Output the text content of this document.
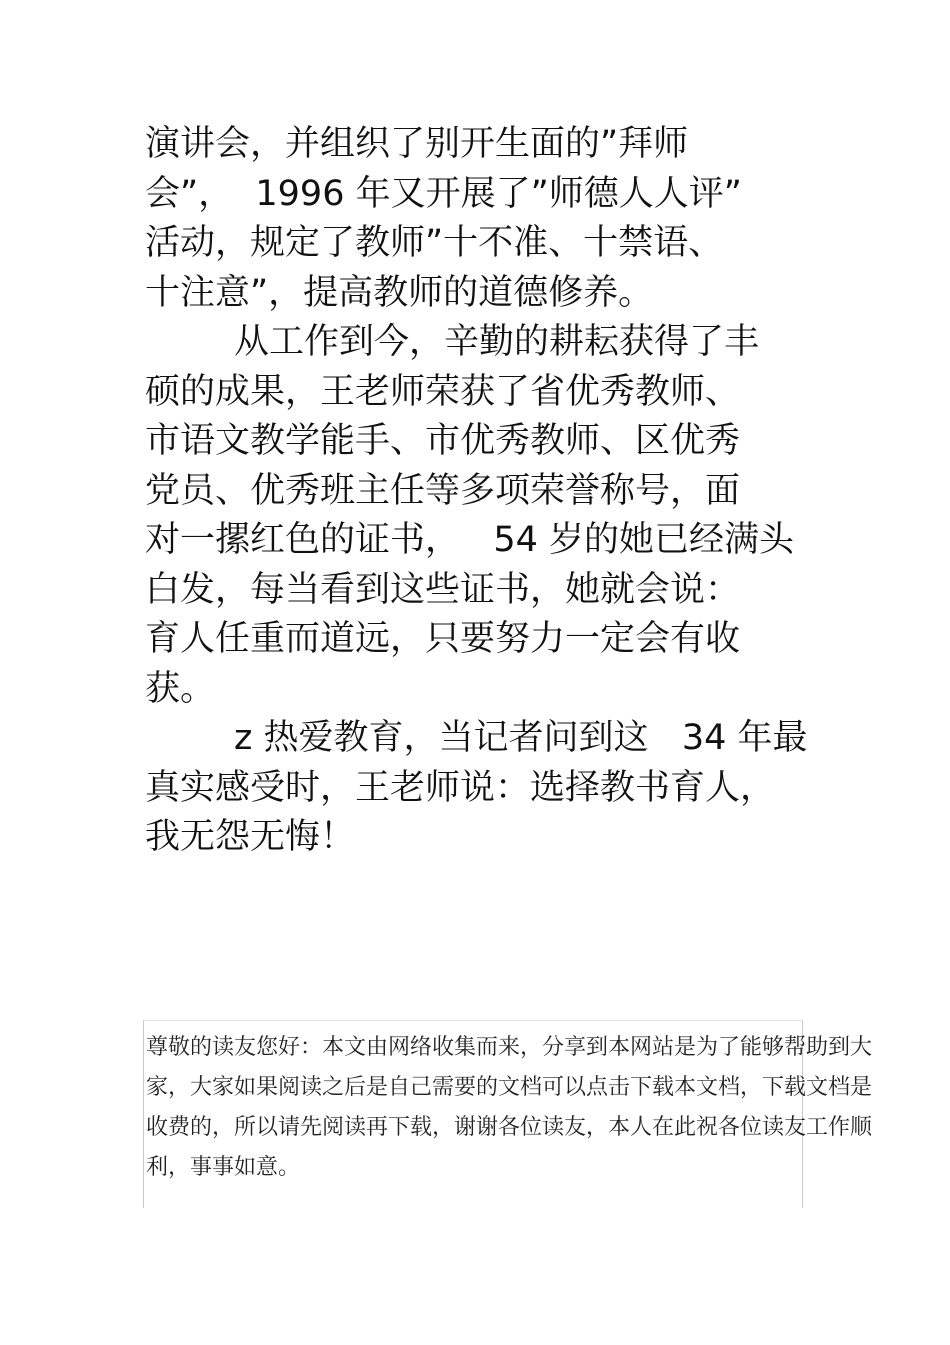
演讲会，并组织了别开生面的”拜师
会”，  1996 年又开展了”师德人人评”
活动，规定了教师”十不准、十禁语、
十注意”，提高教师的道德修养。
从工作到今，辛勤的耕耘获得了丰
硕的成果，王老师荣获了省优秀教师、
市语文教学能手、市优秀教师、区优秀
党员、优秀班主任等多项荣誉称号，面
对一摞红色的证书，   54 岁的她已经满头
白发，每当看到这些证书，她就会说：
育人任重而道远，只要努力一定会有收
获。
z 热爱教育，当记者问到这   34 年最
真实感受时，王老师说：选择教书育人，
我无怨无悔！
尊敬的读友您好：本文由网络收集而来，分享到本网站是为了能够帮助到大
家，大家如果阅读之后是自己需要的文档可以点击下载本文档，下载文档是
收费的，所以请先阅读再下载，谢谢各位读友，本人在此祝各位读友工作顺
利，事事如意。
